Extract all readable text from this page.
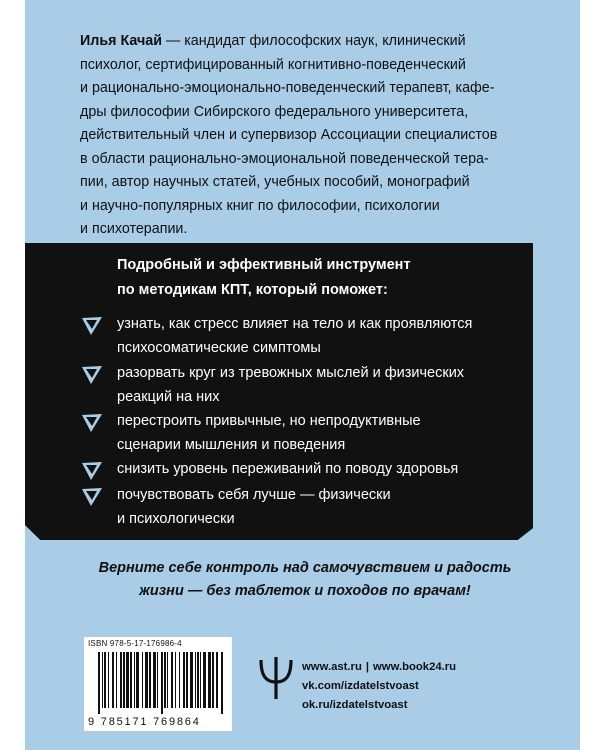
Илья Качай — кандидат философских наук, клинический
психолог, сертифицированный когнитивно-поведенческий
и рационально-эмоционально-поведенческий терапевт, кафе-
дры философии Сибирского федерального университета,
действительный член и супервизор Ассоциации специалистов
в области рационально-эмоциональной поведенческой тера-
пии, автор научных статей, учебных пособий, монографий
и научно-популярных книг по философии, психологии
и психотерапии.
Подробный и эффективный инструмент
по методикам КПТ, который поможет:
узнать, как стресс влияет на тело и как проявляются
психосоматические симптомы
разорвать круг из тревожных мыслей и физических
реакций на них
перестроить привычные, но непродуктивные
сценарии мышления и поведения
снизить уровень переживаний по поводу здоровья
почувствовать себя лучше — физически
и психологически
Верните себе контроль над самочувствием и радость
жизни — без таблеток и походов по врачам!
ISBN 978-5-17-176986-4
9 785171 769864
www.ast.ru | www.book24.ru
vk.com/izdatelstvoast
ok.ru/izdatelstvoast
